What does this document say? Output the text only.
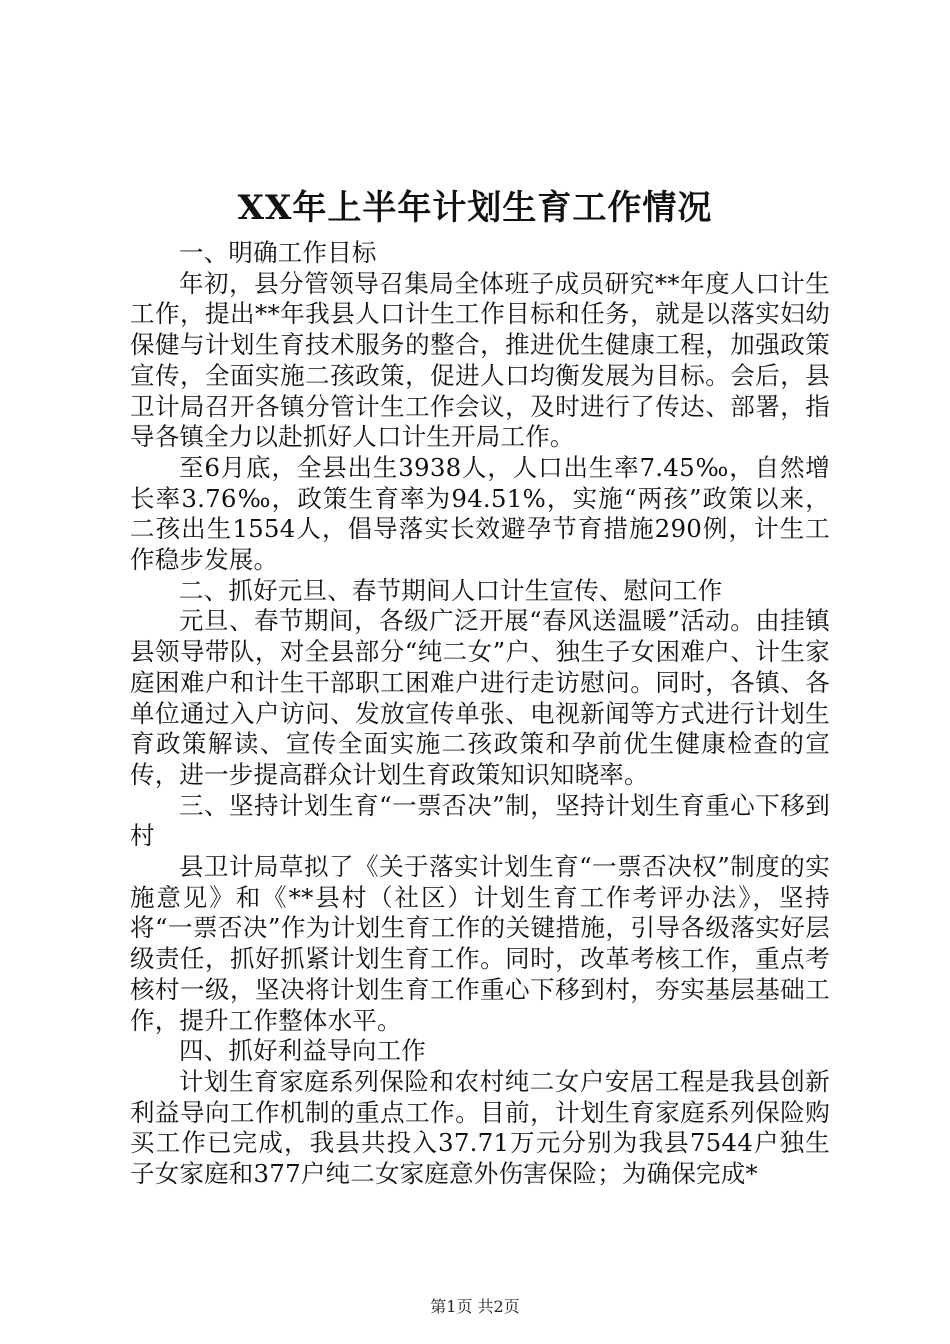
XX年上半年计划生育工作情况

一、明确工作目标

年初，县分管领导召集局全体班子成员研究**年度人口计生工作，提出**年我县人口计生工作目标和任务，就是以落实妇幼保健与计划生育技术服务的整合，推进优生健康工程，加强政策宣传，全面实施二孩政策，促进人口均衡发展为目标。会后，县卫计局召开各镇分管计生工作会议，及时进行了传达、部署，指导各镇全力以赴抓好人口计生开局工作。

至6月底，全县出生3938人，人口出生率7.45‰，自然增长率3.76‰，政策生育率为94.51%，实施“两孩”政策以来，二孩出生1554人，倡导落实长效避孕节育措施290例，计生工作稳步发展。

二、抓好元旦、春节期间人口计生宣传、慰问工作

元旦、春节期间，各级广泛开展“春风送温暖”活动。由挂镇县领导带队，对全县部分“纯二女”户、独生子女困难户、计生家庭困难户和计生干部职工困难户进行走访慰问。同时，各镇、各单位通过入户访问、发放宣传单张、电视新闻等方式进行计划生育政策解读、宣传全面实施二孩政策和孕前优生健康检查的宣传，进一步提高群众计划生育政策知识知晓率。

三、坚持计划生育“一票否决”制，坚持计划生育重心下移到村

县卫计局草拟了《关于落实计划生育“一票否决权”制度的实施意见》和《**县村（社区）计划生育工作考评办法》，坚持将“一票否决”作为计划生育工作的关键措施，引导各级落实好层级责任，抓好抓紧计划生育工作。同时，改革考核工作，重点考核村一级，坚决将计划生育工作重心下移到村，夯实基层基础工作，提升工作整体水平。

四、抓好利益导向工作

计划生育家庭系列保险和农村纯二女户安居工程是我县创新利益导向工作机制的重点工作。目前，计划生育家庭系列保险购买工作已完成，我县共投入37.71万元分别为我县7544户独生子女家庭和377户纯二女家庭意外伤害保险；为确保完成*

第1页 共2页
